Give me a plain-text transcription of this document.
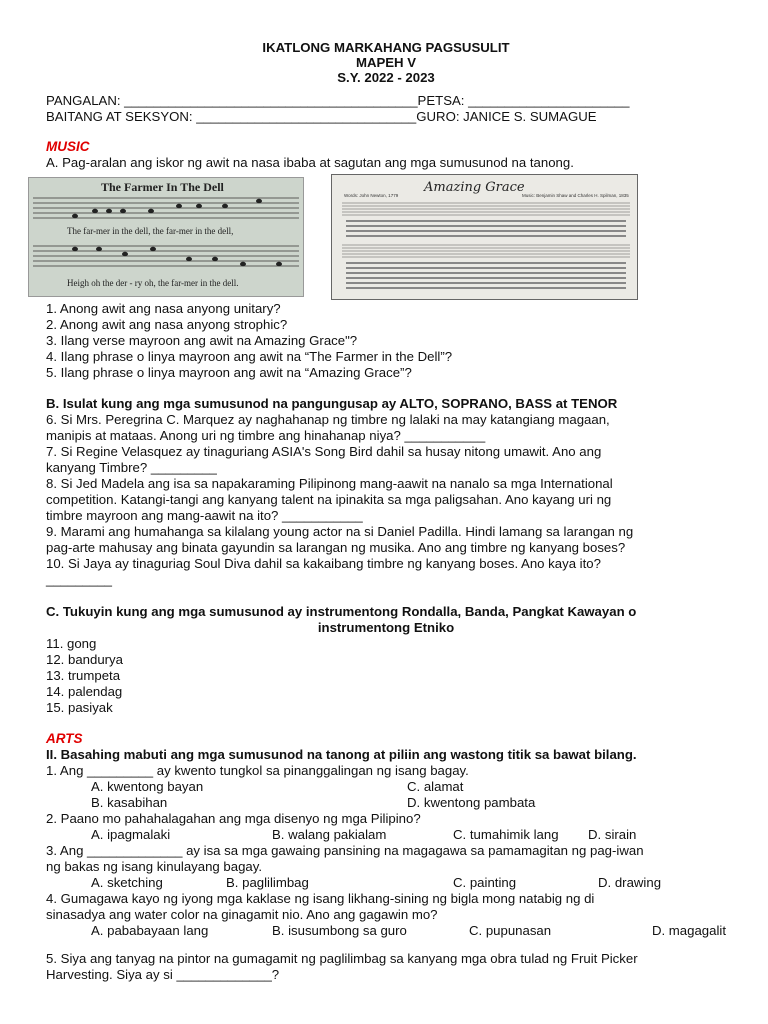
IKATLONG MARKAHANG PAGSUSULIT
MAPEH V
S.Y. 2022 - 2023
PANGALAN: ________________________________________ PETSA: ______________________
BAITANG AT SEKSYON: ______________________________ GURO: JANICE S. SUMAGUE
MUSIC

A. Pag-aralan ang iskor ng awit na nasa ibaba at sagutan ang mga sumusunod na tanong.

The Farmer In The Dell
The far-mer in the dell, the far-mer in the dell,
Heigh oh the der - ry oh, the far-mer in the dell.
Amazing Grace
Words: John Newton, 1779	Music: Benjamin Shaw and Charles H. Spilman, 1835

1. Anong awit ang nasa anyong unitary?

2. Anong awit ang nasa anyong strophic?

3. Ilang verse mayroon ang awit na Amazing Grace"?

4. Ilang phrase o linya mayroon ang awit na “The Farmer in the Dell”?

5. Ilang phrase o linya mayroon ang awit na “Amazing Grace”?

B. Isulat kung ang mga sumusunod na pangungusap ay ALTO, SOPRANO, BASS at TENOR

6. Si Mrs. Peregrina C. Marquez ay naghahanap ng timbre ng lalaki na may katangiang magaan,

manipis at mataas. Anong uri ng timbre ang hinahanap niya? ___________

7. Si Regine Velasquez ay tinaguriang ASIA's Song Bird dahil sa husay nitong umawit. Ano ang

kanyang Timbre? _________

8. Si Jed Madela ang isa sa napakaraming Pilipinong mang-aawit na nanalo sa mga International

competition. Katangi-tangi ang kanyang talent na ipinakita sa mga paligsahan. Ano kayang uri ng

timbre mayroon ang mang-aawit na ito? ___________

9. Marami ang humahanga sa kilalang young actor na si Daniel Padilla. Hindi lamang sa larangan ng

pag-arte mahusay ang binata gayundin sa larangan ng musika. Ano ang timbre ng kanyang boses?

10. Si Jaya ay tinaguriag Soul Diva dahil sa kakaibang timbre ng kanyang boses. Ano kaya ito?

_________

C. Tukuyin kung ang mga sumusunod ay instrumentong Rondalla, Banda, Pangkat Kawayan o

instrumentong Etniko

11. gong

12. bandurya

13. trumpeta

14. palendag

15. pasiyak

ARTS

II. Basahing mabuti ang mga sumusunod na tanong at piliin ang wastong titik sa bawat bilang.

1. Ang _________ ay kwento tungkol sa pinanggalingan ng isang bagay.

A. kwentong bayan	C. alamat
B. kasabihan	D. kwentong pambata

2. Paano mo pahahalagahan ang mga disenyo ng mga Pilipino?

A. ipagmalaki	B. walang pakialam	C. tumahimik lang	D. sirain

3. Ang _____________ ay isa sa mga gawaing pansining na magagawa sa pamamagitan ng pag-iwan

ng bakas ng isang kinulayang bagay.

A. sketching	B. paglilimbag	C. painting	D. drawing

4. Gumagawa kayo ng iyong mga kaklase ng isang likhang-sining ng bigla mong natabig ng di

sinasadya ang water color na ginagamit nio. Ano ang gagawin mo?

A. pababayaan lang	B. isusumbong sa guro	C. pupunasan	D. magagalit

5. Siya ang tanyag na pintor na gumagamit ng paglilimbag sa kanyang mga obra tulad ng Fruit Picker

Harvesting. Siya ay si _____________?
